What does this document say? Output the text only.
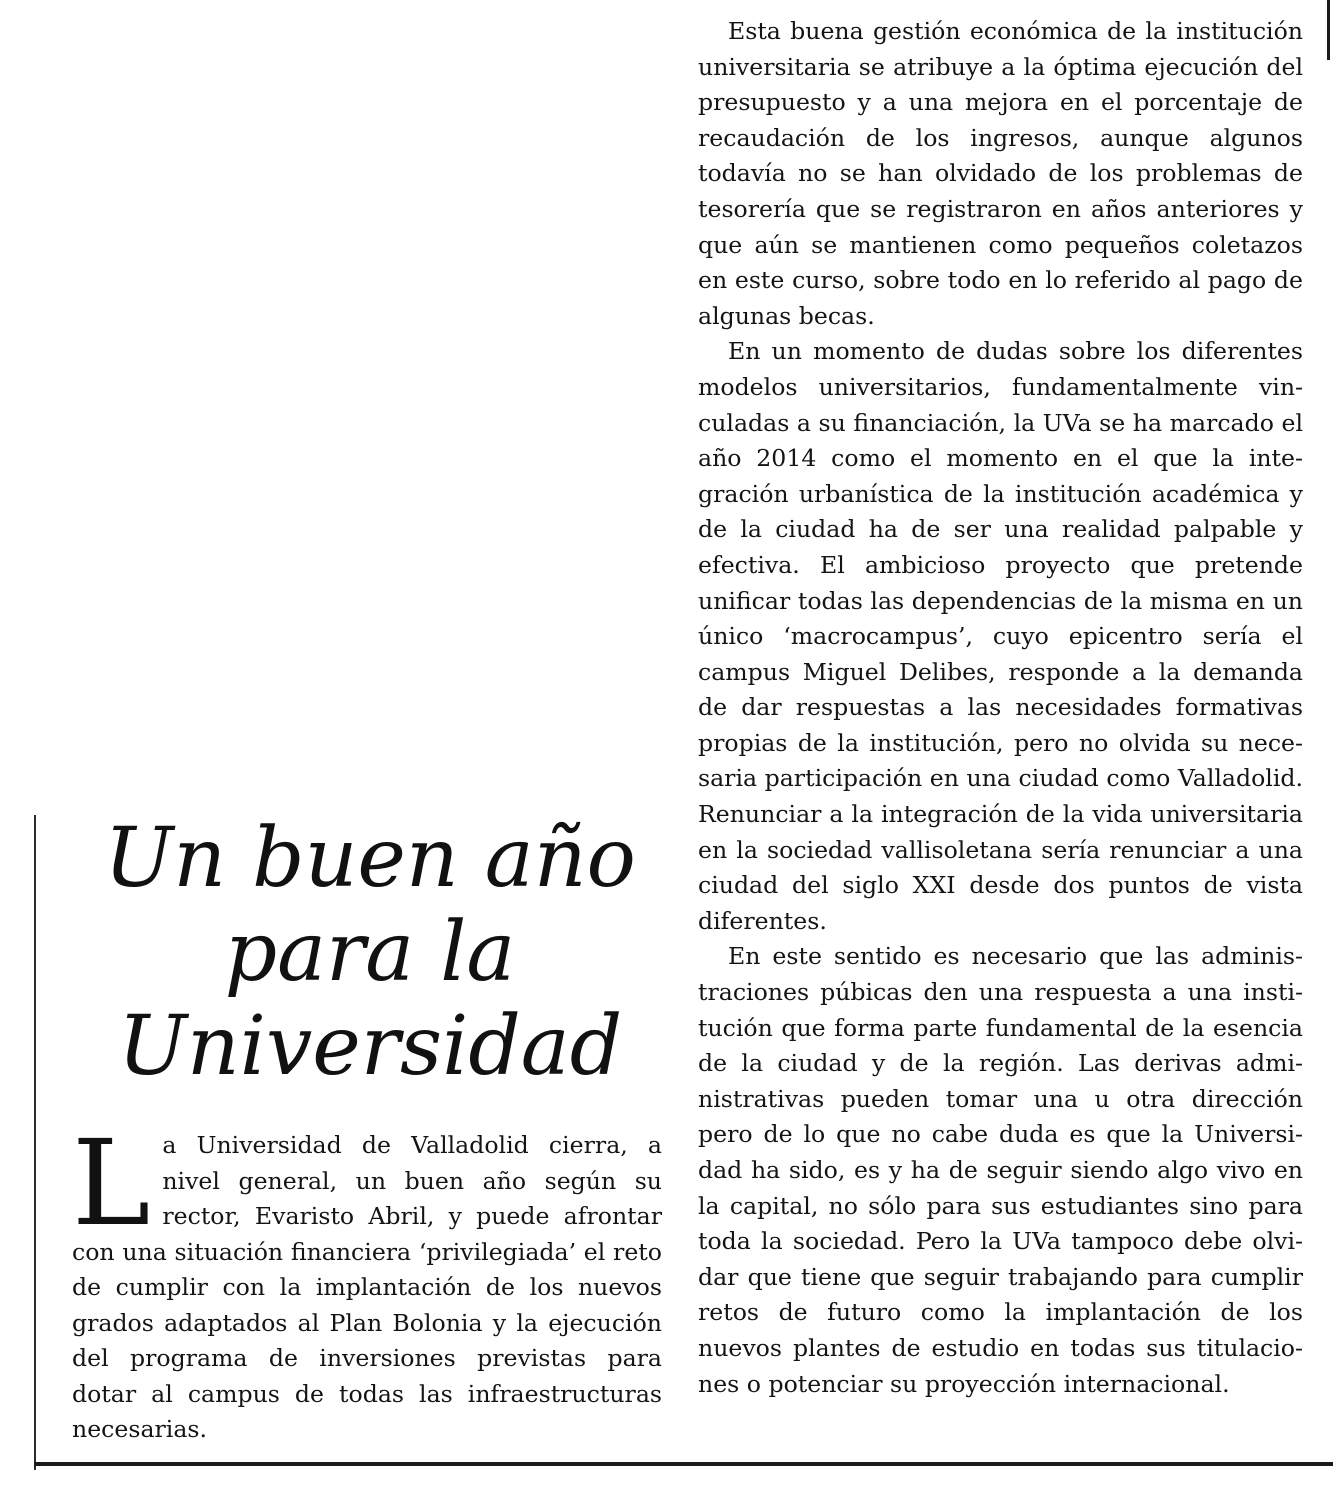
Esta buena gestión económica de la institución universitaria se atribuye a la óptima ejecución del presupuesto y a una mejora en el porcentaje de recaudación de los ingresos, aunque algunos todavía no se han olvidado de los problemas de tesorería que se registraron en años anteriores y que aún se mantienen como pequeños coletazos en este curso, sobre todo en lo referido al pago de algunas becas.

En un momento de dudas sobre los diferentes modelos universitarios, fundamentalmente vinculadas a su financiación, la UVa se ha marcado el año 2014 como el momento en el que la integración urbanística de la institución académica y de la ciudad ha de ser una realidad palpable y efectiva. El ambicioso proyecto que pretende unificar todas las dependencias de la misma en un único ‘macrocampus’, cuyo epicentro sería el campus Miguel Delibes, responde a la demanda de dar respuestas a las necesidades formativas propias de la institución, pero no olvida su necesaria participación en una ciudad como Valladolid. Renunciar a la integración de la vida universitaria en la sociedad vallisoletana sería renunciar a una ciudad del siglo XXI desde dos puntos de vista diferentes.

En este sentido es necesario que las administraciones púbicas den una respuesta a una institución que forma parte fundamental de la esencia de la ciudad y de la región. Las derivas administrativas pueden tomar una u otra dirección pero de lo que no cabe duda es que la Universidad ha sido, es y ha de seguir siendo algo vivo en la capital, no sólo para sus estudiantes sino para toda la sociedad. Pero la UVa tampoco debe olvidar que tiene que seguir trabajando para cumplir retos de futuro como la implantación de los nuevos plantes de estudio en todas sus titulaciones o potenciar su proyección internacional.

Un buen año
para la
Universidad

La Universidad de Valladolid cierra, a nivel general, un buen año según su rector, Evaristo Abril, y puede afrontar con una situación financiera ‘privilegiada’ el reto de cumplir con la implantación de los nuevos grados adaptados al Plan Bolonia y la ejecución del programa de inversiones previstas para dotar al campus de todas las infraestructuras necesarias.
